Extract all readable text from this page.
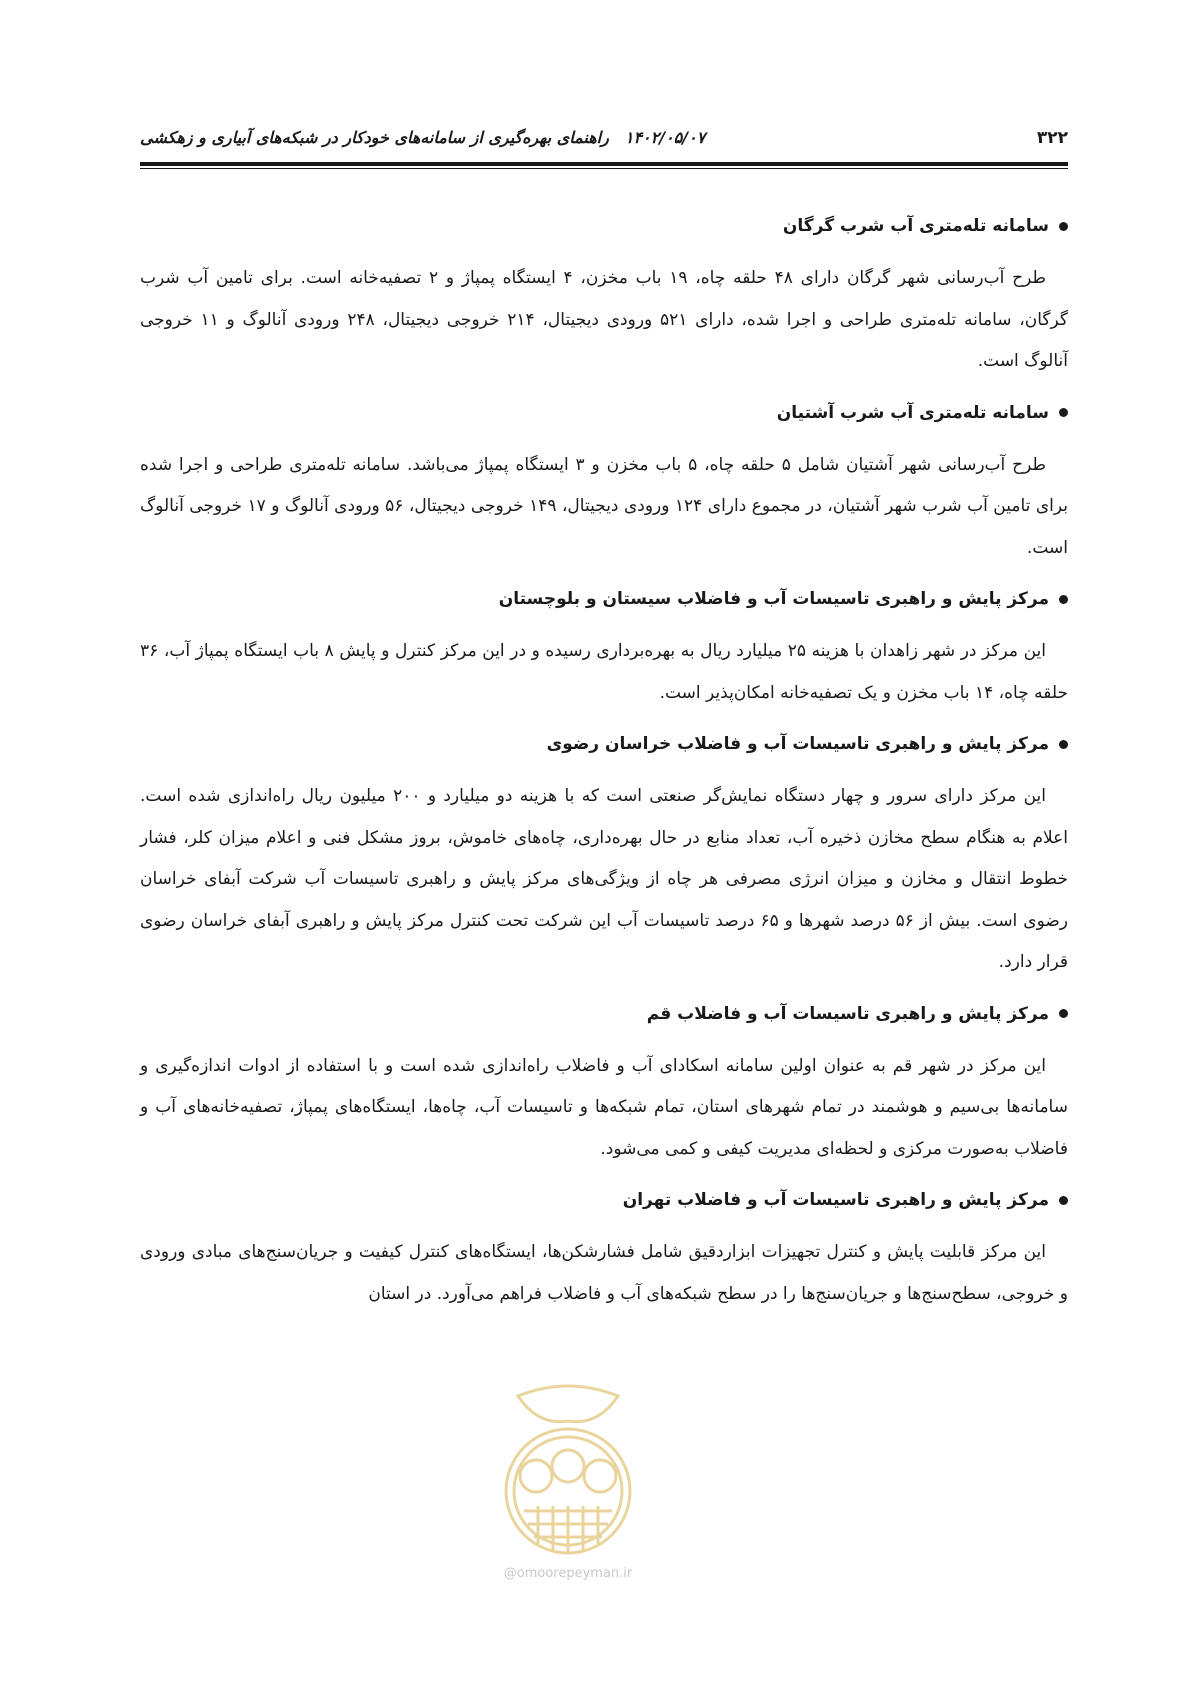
۱۴۰۲/۰۵/۰۷راهنمای بهره‌گیری از سامانه‌های خودکار در شبکه‌های آبیاری و زهکشی	۳۲۲
سامانه تله‌متری آب شرب گرگان

طرح آب‌رسانی شهر گرگان دارای ۴۸ حلقه چاه، ۱۹ باب مخزن، ۴ ایستگاه پمپاژ و ۲ تصفیه‌خانه است. برای تامین آب شرب گرگان، سامانه تله‌متری طراحی و اجرا شده، دارای ۵۲۱ ورودی دیجیتال، ۲۱۴ خروجی دیجیتال، ۲۴۸ ورودی آنالوگ و ۱۱ خروجی آنالوگ است.

سامانه تله‌متری آب شرب آشتیان

طرح آب‌رسانی شهر آشتیان شامل ۵ حلقه چاه، ۵ باب مخزن و ۳ ایستگاه پمپاژ می‌باشد. سامانه تله‌متری طراحی و اجرا شده برای تامین آب شرب شهر آشتیان، در مجموع دارای ۱۲۴ ورودی دیجیتال، ۱۴۹ خروجی دیجیتال، ۵۶ ورودی آنالوگ و ۱۷ خروجی آنالوگ است.

مرکز پایش و راهبری تاسیسات آب و فاضلاب سیستان و بلوچستان

این مرکز در شهر زاهدان با هزینه ۲۵ میلیارد ریال به بهره‌برداری رسیده و در این مرکز کنترل و پایش ۸ باب ایستگاه پمپاژ آب، ۳۶ حلقه چاه، ۱۴ باب مخزن و یک تصفیه‌خانه امکان‌پذیر است.

مرکز پایش و راهبری تاسیسات آب و فاضلاب خراسان رضوی

این مرکز دارای سرور و چهار دستگاه نمایش‌گر صنعتی است که با هزینه دو میلیارد و ۲۰۰ میلیون ریال راه‌اندازی شده است. اعلام به هنگام سطح مخازن ذخیره آب، تعداد منابع در حال بهره‌داری، چاه‌های خاموش، بروز مشکل فنی و اعلام میزان کلر، فشار خطوط انتقال و مخازن و میزان انرژی مصرفی هر چاه از ویژگی‌های مرکز پایش و راهبری تاسیسات آب شرکت آبفای خراسان رضوی است. بیش از ۵۶ درصد شهرها و ۶۵ درصد تاسیسات آب این شرکت تحت کنترل مرکز پایش و راهبری آبفای خراسان رضوی قرار دارد.

مرکز پایش و راهبری تاسیسات آب و فاضلاب قم

این مرکز در شهر قم به عنوان اولین سامانه اسکادای آب و فاضلاب راه‌اندازی شده است و با استفاده از ادوات اندازه‌گیری و سامانه‌ها بی‌سیم و هوشمند در تمام شهرهای استان، تمام شبکه‌ها و تاسیسات آب، چاه‌ها، ایستگاه‌های پمپاژ، تصفیه‌خانه‌های آب و فاضلاب به‌صورت مرکزی و لحظه‌ای مدیریت کیفی و کمی می‌شود.

مرکز پایش و راهبری تاسیسات آب و فاضلاب تهران

این مرکز قابلیت پایش و کنترل تجهیزات ابزاردقیق شامل فشارشکن‌ها، ایستگاه‌های کنترل کیفیت و جریان‌سنج‌های مبادی ورودی و خروجی، سطح‌سنج‌ها و جریان‌سنج‌ها را در سطح شبکه‌های آب و فاضلاب فراهم می‌آورد. در استان

@omoorepeyman.ir
